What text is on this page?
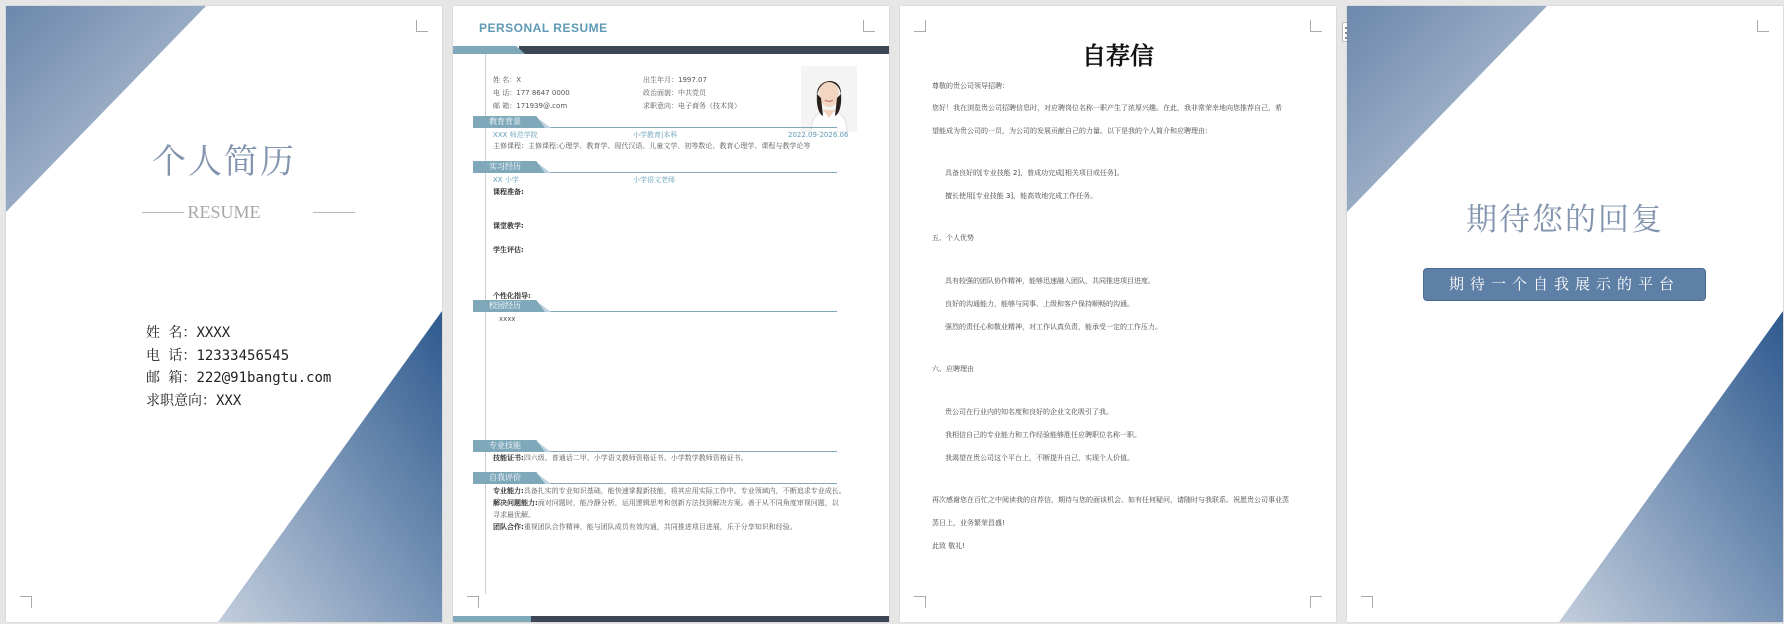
个人简历
RESUME
姓 名：XXXX
电 话：12333456545
邮 箱：222@91bangtu.com
求职意向：XXX
PERSONAL RESUME
姓 名：X
电 话：177 8647 0000
邮 箱：171939@.com
出生年月：1997.07
政治面貌：中共党员
求职意向：电子商务（技术岗）
教育背景
XXX 师范学院	小学教育|本科	2022.09-2026.06
主修课程：主修课程:心理学、教育学、现代汉语、儿童文学、初等数论、教育心理学、课程与教学论等
实习经历
XX 小学	小学语文老师
课程准备:
课堂教学:
学生评估:
个性化指导:
校园经历
xxxx
专业技能
技能证书:四六级、普通话二甲、小学语文教师资格证书、小学数学教师资格证书。
自我评价
专业能力:具备扎实的专业知识基础，能快速掌握新技能，将其应用实际工作中。专业领域内，不断追求专业成长。
解决问题能力:面对问题时，能冷静分析，运用逻辑思考和创新方法找到解决方案。善于从不同角度审视问题，以
寻求最优解。
团队合作:重视团队合作精神，能与团队成员有效沟通，共同推进项目进展，乐于分享知识和经验。
自荐信
尊敬的贵公司领导招聘：
您好！我在浏览贵公司招聘信息时，对应聘岗位名称一职产生了浓厚兴趣。在此，我非常荣幸地向您推荐自己，希
望能成为贵公司的一员，为公司的发展贡献自己的力量。以下是我的个人简介和应聘理由:
具备良好的[专业技能 2]，曾成功完成[相关项目或任务]。
擅长使用[专业技能 3]，能高效地完成工作任务。
五、个人优势
具有较强的团队协作精神，能够迅速融入团队，共同推进项目进度。
良好的沟通能力，能够与同事、上级和客户保持顺畅的沟通。
强烈的责任心和敬业精神，对工作认真负责，能承受一定的工作压力。
六、应聘理由
贵公司在行业内的知名度和良好的企业文化吸引了我。
我相信自己的专业能力和工作经验能够胜任应聘职位名称一职。
我渴望在贵公司这个平台上，不断提升自己，实现个人价值。
再次感谢您在百忙之中阅读我的自荐信，期待与您的面谈机会。如有任何疑问，请随时与我联系。祝愿贵公司事业蒸
蒸日上，业务繁荣昌盛!
此致 敬礼!
期待您的回复
期待一个自我展示的平台
